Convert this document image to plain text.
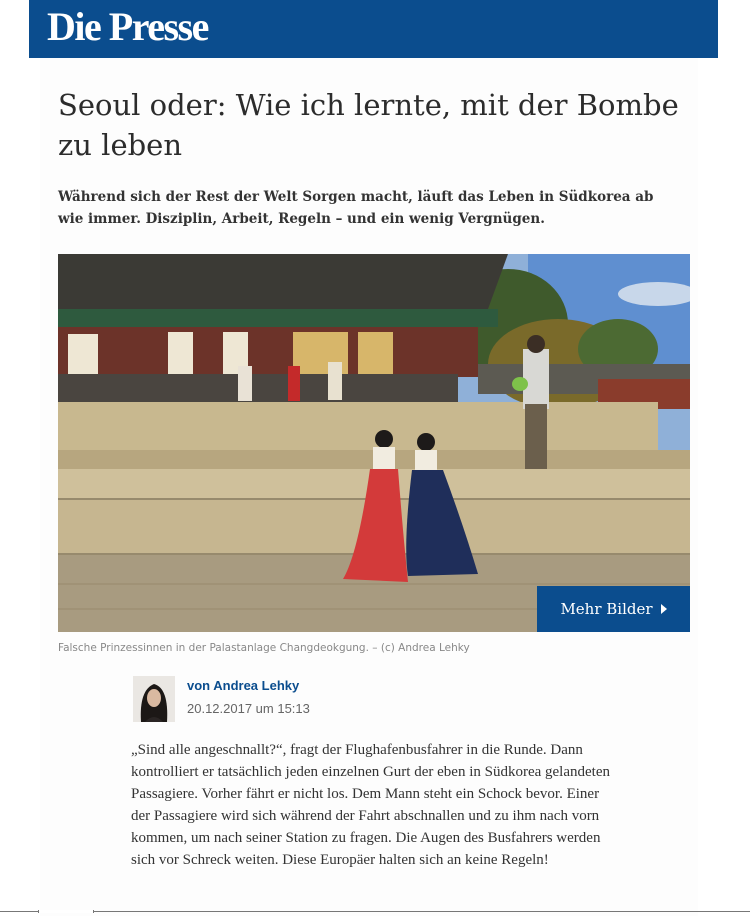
Die Presse
Seoul oder: Wie ich lernte, mit der Bombe zu leben

Während sich der Rest der Welt Sorgen macht, läuft das Leben in Südkorea ab wie immer. Disziplin, Arbeit, Regeln – und ein wenig Vergnügen.

Mehr Bilder

Falsche Prinzessinnen in der Palastanlage Changdeokgung. – (c) Andrea Lehky

von Andrea Lehky
20.12.2017 um 15:13

„Sind alle angeschnallt?“, fragt der Flughafenbusfahrer in die Runde. Dann kontrolliert er tatsächlich jeden einzelnen Gurt der eben in Südkorea gelandeten Passagiere. Vorher fährt er nicht los. Dem Mann steht ein Schock bevor. Einer der Passagiere wird sich während der Fahrt abschnallen und zu ihm nach vorn kommen, um nach seiner Station zu fragen. Die Augen des Busfahrers werden sich vor Schreck weiten. Diese Europäer halten sich an keine Regeln!
